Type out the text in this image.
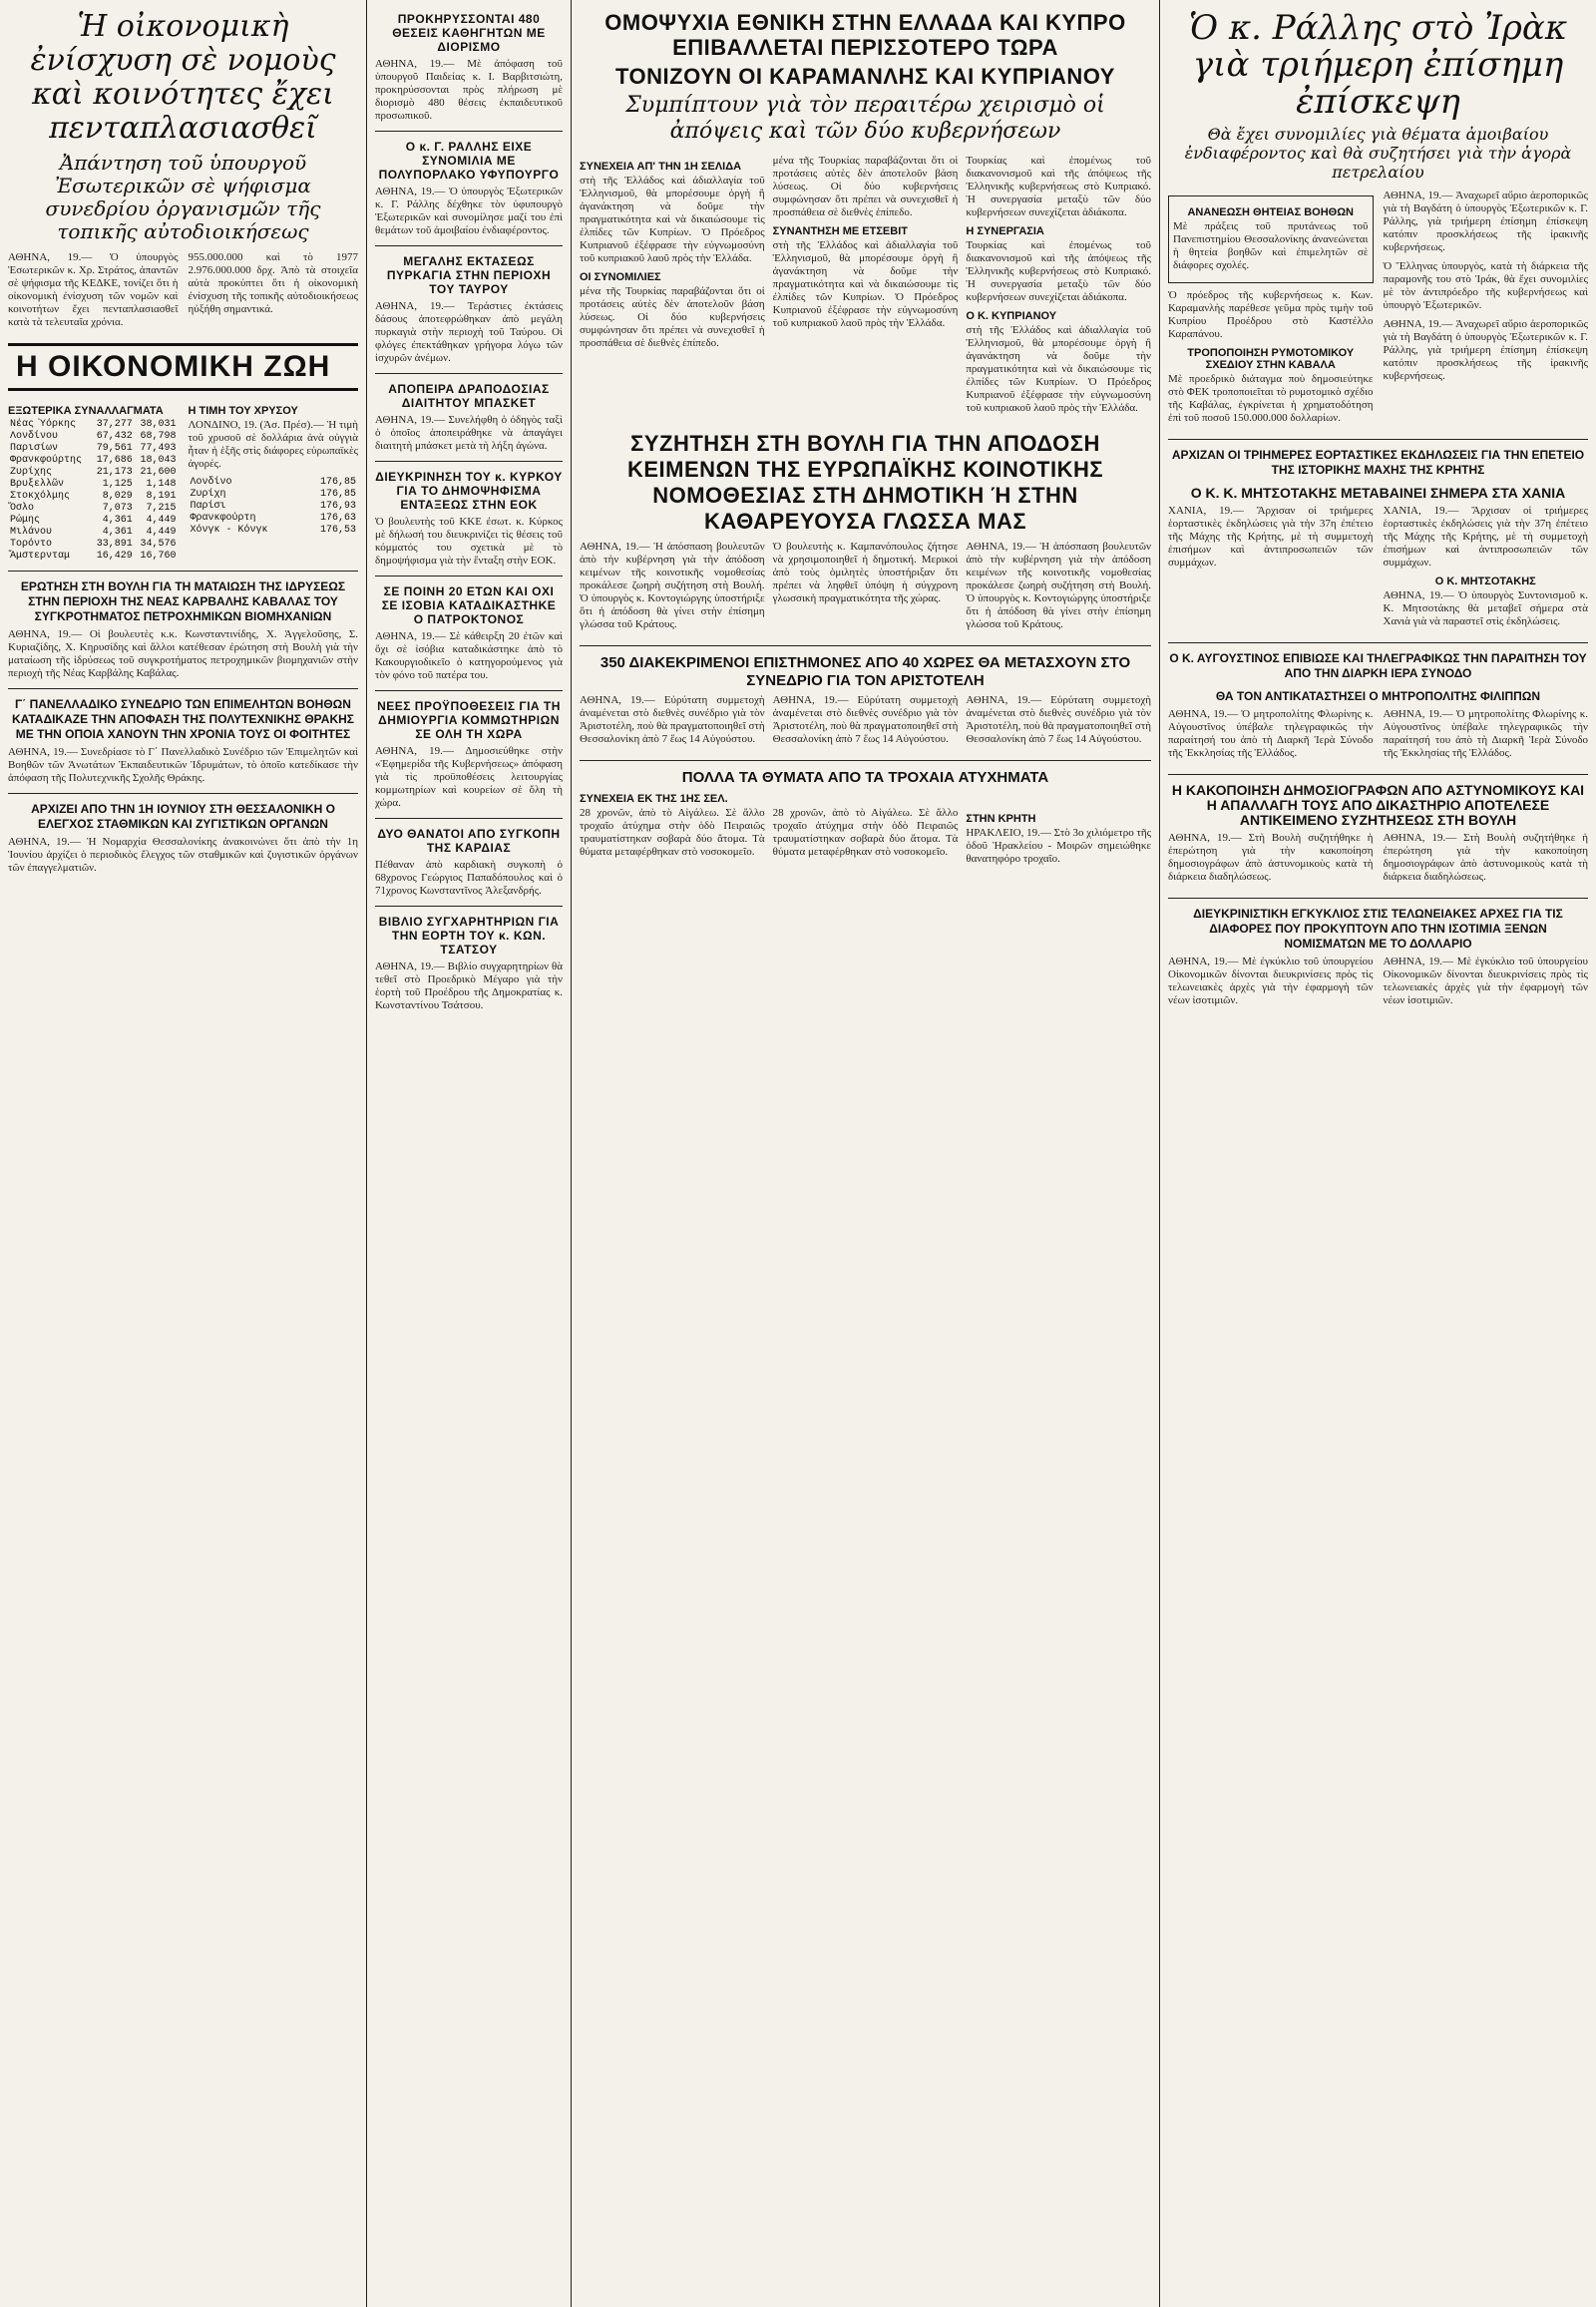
Ἡ οἰκονομικὴ ἐνίσχυση σὲ νομοὺς καὶ κοινότητες ἔχει πενταπλασιασθεῖ
Ἀπάντηση τοῦ ὑπουργοῦ Ἐσωτερικῶν σὲ ψήφισμα συνεδρίου ὀργανισμῶν τῆς τοπικῆς αὐτοδιοικήσεως

ΑΘΗΝΑ, 19.— Ὁ ὑπουργὸς Ἐσωτερικῶν κ. Χρ. Στράτος, ἀπαντῶν σὲ ψήφισμα τῆς ΚΕΔΚΕ, τονίζει ὅτι ἡ οἰκονομικὴ ἐνίσχυση τῶν νομῶν καὶ κοινοτήτων ἔχει πενταπλασιασθεῖ κατὰ τὰ τελευταῖα χρόνια.

955.000.000 καὶ τὸ 1977 2.976.000.000 δρχ. Ἀπὸ τὰ στοιχεῖα αὐτὰ προκύπτει ὅτι ἡ οἰκονομικὴ ἐνίσχυση τῆς τοπικῆς αὐτοδιοικήσεως ηὐξήθη σημαντικά.

Η ΟΙΚΟΝΟΜΙΚΗ ΖΩΗ
ΕΞΩΤΕΡΙΚΑ ΣΥΝΑΛΛΑΓΜΑΤΑ
Νέας Ὑόρκης	37,277	38,031
Λονδίνου	67,432	68,798
Παρισίων	79,561	77,493
Φρανκφούρτης	17,686	18,043
Ζυρίχης	21,173	21,600
Βρυξελλῶν	1,125	1,148
Στοκχόλμης	8,029	8,191
Ὄσλο	7,073	7,215
Ρώμης	4,361	4,449
Μιλάνου	4,361	4,449
Τορόντο	33,891	34,576
Ἄμστερνταμ	16,429	16,760
Η ΤΙΜΗ ΤΟΥ ΧΡΥΣΟΥ

ΛΟΝΔΙΝΟ, 19. (Ἀσ. Πρέσ).— Ἡ τιμὴ τοῦ χρυσοῦ σὲ δολλάρια ἀνὰ οὐγγιὰ ἦταν ἡ ἑξῆς στὶς διάφορες εὐρωπαϊκὲς ἀγορές.

Λονδίνο	176,85
Ζυρίχη	176,85
Παρίσι	176,93
Φρανκφούρτη	176,63
Χόνγκ - Κόνγκ	176,53
ΕΡΩΤΗΣΗ ΣΤΗ ΒΟΥΛΗ ΓΙΑ ΤΗ ΜΑΤΑΙΩΣΗ ΤΗΣ ΙΔΡΥΣΕΩΣ ΣΤΗΝ ΠΕΡΙΟΧΗ ΤΗΣ ΝΕΑΣ ΚΑΡΒΑΛΗΣ ΚΑΒΑΛΑΣ ΤΟΥ ΣΥΓΚΡΟΤΗΜΑΤΟΣ ΠΕΤΡΟΧΗΜΙΚΩΝ ΒΙΟΜΗΧΑΝΙΩΝ

ΑΘΗΝΑ, 19.— Οἱ βουλευτὲς κ.κ. Κωνσταντινίδης, Χ. Ἀγγελοῦσης, Σ. Κυριαζίδης, Χ. Κηρυσίδης καὶ ἄλλοι κατέθεσαν ἐρώτηση στὴ Βουλὴ γιὰ τὴν ματαίωση τῆς ἱδρύσεως τοῦ συγκροτήματος πετροχημικῶν βιομηχανιῶν στὴν περιοχὴ τῆς Νέας Καρβάλης Καβάλας.

Γ΄ ΠΑΝΕΛΛΑΔΙΚΟ ΣΥΝΕΔΡΙΟ ΤΩΝ ΕΠΙΜΕΛΗΤΩΝ ΒΟΗΘΩΝ ΚΑΤΑΔΙΚΑΖΕ ΤΗΝ ΑΠΟΦΑΣΗ ΤΗΣ ΠΟΛΥΤΕΧΝΙΚΗΣ ΘΡΑΚΗΣ ΜΕ ΤΗΝ ΟΠΟΙΑ ΧΑΝΟΥΝ ΤΗΝ ΧΡΟΝΙΑ ΤΟΥΣ ΟΙ ΦΟΙΤΗΤΕΣ

ΑΘΗΝΑ, 19.— Συνεδρίασε τὸ Γ΄ Πανελλαδικὸ Συνέδριο τῶν Ἐπιμελητῶν καὶ Βοηθῶν τῶν Ἀνωτάτων Ἐκπαιδευτικῶν Ἱδρυμάτων, τὸ ὁποῖο κατεδίκασε τὴν ἀπόφαση τῆς Πολυτεχνικῆς Σχολῆς Θράκης.

ΑΡΧΙΖΕΙ ΑΠΟ ΤΗΝ 1Η ΙΟΥΝΙΟΥ ΣΤΗ ΘΕΣΣΑΛΟΝΙΚΗ Ο ΕΛΕΓΧΟΣ ΣΤΑΘΜΙΚΩΝ ΚΑΙ ΖΥΓΙΣΤΙΚΩΝ ΟΡΓΑΝΩΝ

ΑΘΗΝΑ, 19.— Ἡ Νομαρχία Θεσσαλονίκης ἀνακοινώνει ὅτι ἀπὸ τὴν 1η Ἰουνίου ἀρχίζει ὁ περιοδικὸς ἔλεγχος τῶν σταθμικῶν καὶ ζυγιστικῶν ὀργάνων τῶν ἐπαγγελματιῶν.

ΠΡΟΚΗΡΥΣΣΟΝΤΑΙ 480 ΘΕΣΕΙΣ ΚΑΘΗΓΗΤΩΝ ΜΕ ΔΙΟΡΙΣΜΟ

ΑΘΗΝΑ, 19.— Μὲ ἀπόφαση τοῦ ὑπουργοῦ Παιδείας κ. Ι. Βαρβιτσιώτη, προκηρύσσονται πρὸς πλήρωση μὲ διορισμὸ 480 θέσεις ἐκπαιδευτικοῦ προσωπικοῦ.

Ο κ. Γ. ΡΑΛΛΗΣ ΕΙΧΕ ΣΥΝΟΜΙΛΙΑ ΜΕ ΠΟΛΥΠΟΡΛΑΚΟ ΥΦΥΠΟΥΡΓΟ

ΑΘΗΝΑ, 19.— Ὁ ὑπουργὸς Ἐξωτερικῶν κ. Γ. Ράλλης δέχθηκε τὸν ὑφυπουργὸ Ἐξωτερικῶν καὶ συνομίλησε μαζί του ἐπὶ θεμάτων τοῦ ἀμοιβαίου ἐνδιαφέροντος.

ΜΕΓΑΛΗΣ ΕΚΤΑΣΕΩΣ ΠΥΡΚΑΓΙΑ ΣΤΗΝ ΠΕΡΙΟΧΗ ΤΟΥ ΤΑΥΡΟΥ

ΑΘΗΝΑ, 19.— Τεράστιες ἐκτάσεις δάσους ἀποτεφρώθηκαν ἀπὸ μεγάλη πυρκαγιὰ στὴν περιοχὴ τοῦ Ταύρου. Οἱ φλόγες ἐπεκτάθηκαν γρήγορα λόγω τῶν ἰσχυρῶν ἀνέμων.

ΑΠΟΠΕΙΡΑ ΔΡΑΠΟΔΟΣΙΑΣ ΔΙΑΙΤΗΤΟΥ ΜΠΑΣΚΕΤ

ΑΘΗΝΑ, 19.— Συνελήφθη ὁ ὀδηγὸς ταξὶ ὁ ὁποῖος ἀποπειράθηκε νὰ ἀπαγάγει διαιτητὴ μπάσκετ μετὰ τὴ λήξη ἀγώνα.

ΔΙΕΥΚΡΙΝΗΣΗ ΤΟΥ κ. ΚΥΡΚΟΥ ΓΙΑ ΤΟ ΔΗΜΟΨΗΦΙΣΜΑ ΕΝΤΑΞΕΩΣ ΣΤΗΝ ΕΟΚ

Ὁ βουλευτὴς τοῦ ΚΚΕ ἐσωτ. κ. Κύρκος μὲ δήλωσή του διευκρινίζει τὶς θέσεις τοῦ κόμματός του σχετικὰ μὲ τὸ δημοψήφισμα γιὰ τὴν ἔνταξη στὴν ΕΟΚ.

ΣΕ ΠΟΙΝΗ 20 ΕΤΩΝ ΚΑΙ ΟΧΙ ΣΕ ΙΣΟΒΙΑ ΚΑΤΑΔΙΚΑΣΤΗΚΕ Ο ΠΑΤΡΟΚΤΟΝΟΣ

ΑΘΗΝΑ, 19.— Σὲ κάθειρξη 20 ἐτῶν καὶ ὄχι σὲ ἰσόβια καταδικάστηκε ἀπὸ τὸ Κακουργιοδικεῖο ὁ κατηγορούμενος γιὰ τὸν φόνο τοῦ πατέρα του.

ΝΕΕΣ ΠΡΟΫΠΟΘΕΣΕΙΣ ΓΙΑ ΤΗ ΔΗΜΙΟΥΡΓΙΑ ΚΟΜΜΩΤΗΡΙΩΝ ΣΕ ΟΛΗ ΤΗ ΧΩΡΑ

ΑΘΗΝΑ, 19.— Δημοσιεύθηκε στὴν «Ἐφημερίδα τῆς Κυβερνήσεως» ἀπόφαση γιὰ τὶς προϋποθέσεις λειτουργίας κομμωτηρίων καὶ κουρείων σὲ ὅλη τὴ χώρα.

ΔΥΟ ΘΑΝΑΤΟΙ ΑΠΟ ΣΥΓΚΟΠΗ ΤΗΣ ΚΑΡΔΙΑΣ

Πέθαναν ἀπὸ καρδιακὴ συγκοπὴ ὁ 68χρονος Γεώργιος Παπαδόπουλος καὶ ὁ 71χρονος Κωνσταντῖνος Ἀλεξανδρής.

ΒΙΒΛΙΟ ΣΥΓΧΑΡΗΤΗΡΙΩΝ ΓΙΑ ΤΗΝ ΕΟΡΤΗ ΤΟΥ κ. ΚΩΝ. ΤΣΑΤΣΟΥ

ΑΘΗΝΑ, 19.— Βιβλίο συγχαρητηρίων θὰ τεθεῖ στὸ Προεδρικὸ Μέγαρο γιὰ τὴν ἑορτὴ τοῦ Προέδρου τῆς Δημοκρατίας κ. Κωνσταντίνου Τσάτσου.

ΟΜΟΨΥΧΙΑ ΕΘΝΙΚΗ ΣΤΗΝ ΕΛΛΑΔΑ ΚΑΙ ΚΥΠΡΟ ΕΠΙΒΑΛΛΕΤΑΙ ΠΕΡΙΣΣΟΤΕΡΟ ΤΩΡΑ
ΤΟΝΙΖΟΥΝ ΟΙ ΚΑΡΑΜΑΝΛΗΣ ΚΑΙ ΚΥΠΡΙΑΝΟΥ
Συμπίπτουν γιὰ τὸν περαιτέρω χειρισμὸ οἱ ἀπόψεις καὶ τῶν δύο κυβερνήσεων
ΣΥΝΕΧΕΙΑ ΑΠ' ΤΗΝ 1Η ΣΕΛΙΔΑ

στὴ τῆς Ἑλλάδος καὶ ἀδιαλλαγία τοῦ Ἑλληνισμοῦ, θὰ μπορέσουμε ὀργὴ ἢ ἀγανάκτηση νὰ δοῦμε τὴν πραγματικότητα καὶ νὰ δικαιώσουμε τὶς ἐλπίδες τῶν Κυπρίων. Ὁ Πρόεδρος Κυπριανοῦ ἐξέφρασε τὴν εὐγνωμοσύνη τοῦ κυπριακοῦ λαοῦ πρὸς τὴν Ἑλλάδα.

ΟΙ ΣΥΝΟΜΙΛΙΕΣ

μένα τῆς Τουρκίας παραβάζονται ὅτι οἱ προτάσεις αὐτὲς δὲν ἀποτελοῦν βάση λύσεως. Οἱ δύο κυβερνήσεις συμφώνησαν ὅτι πρέπει νὰ συνεχισθεῖ ἡ προσπάθεια σὲ διεθνὲς ἐπίπεδο.

μένα τῆς Τουρκίας παραβάζονται ὅτι οἱ προτάσεις αὐτὲς δὲν ἀποτελοῦν βάση λύσεως. Οἱ δύο κυβερνήσεις συμφώνησαν ὅτι πρέπει νὰ συνεχισθεῖ ἡ προσπάθεια σὲ διεθνὲς ἐπίπεδο.

ΣΥΝΑΝΤΗΣΗ ΜΕ ΕΤΣΕΒΙΤ

στὴ τῆς Ἑλλάδος καὶ ἀδιαλλαγία τοῦ Ἑλληνισμοῦ, θὰ μπορέσουμε ὀργὴ ἢ ἀγανάκτηση νὰ δοῦμε τὴν πραγματικότητα καὶ νὰ δικαιώσουμε τὶς ἐλπίδες τῶν Κυπρίων. Ὁ Πρόεδρος Κυπριανοῦ ἐξέφρασε τὴν εὐγνωμοσύνη τοῦ κυπριακοῦ λαοῦ πρὸς τὴν Ἑλλάδα.

Τουρκίας καὶ ἐπομένως τοῦ διακανονισμοῦ καὶ τῆς ἀπόψεως τῆς Ἑλληνικῆς κυβερνήσεως στὸ Κυπριακό. Ἡ συνεργασία μεταξὺ τῶν δύο κυβερνήσεων συνεχίζεται ἀδιάκοπα.

Η ΣΥΝΕΡΓΑΣΙΑ

Τουρκίας καὶ ἐπομένως τοῦ διακανονισμοῦ καὶ τῆς ἀπόψεως τῆς Ἑλληνικῆς κυβερνήσεως στὸ Κυπριακό. Ἡ συνεργασία μεταξὺ τῶν δύο κυβερνήσεων συνεχίζεται ἀδιάκοπα.

Ο Κ. ΚΥΠΡΙΑΝΟΥ

στὴ τῆς Ἑλλάδος καὶ ἀδιαλλαγία τοῦ Ἑλληνισμοῦ, θὰ μπορέσουμε ὀργὴ ἢ ἀγανάκτηση νὰ δοῦμε τὴν πραγματικότητα καὶ νὰ δικαιώσουμε τὶς ἐλπίδες τῶν Κυπρίων. Ὁ Πρόεδρος Κυπριανοῦ ἐξέφρασε τὴν εὐγνωμοσύνη τοῦ κυπριακοῦ λαοῦ πρὸς τὴν Ἑλλάδα.

ΣΥΖΗΤΗΣΗ ΣΤΗ ΒΟΥΛΗ ΓΙΑ ΤΗΝ ΑΠΟΔΟΣΗ ΚΕΙΜΕΝΩΝ ΤΗΣ ΕΥΡΩΠΑΪΚΗΣ ΚΟΙΝΟΤΙΚΗΣ ΝΟΜΟΘΕΣΙΑΣ ΣΤΗ ΔΗΜΟΤΙΚΗ Ή ΣΤΗΝ ΚΑΘΑΡΕΥΟΥΣΑ ΓΛΩΣΣΑ ΜΑΣ

ΑΘΗΝΑ, 19.— Ἡ ἀπόσπαση βουλευτῶν ἀπὸ τὴν κυβέρνηση γιὰ τὴν ἀπόδοση κειμένων τῆς κοινοτικῆς νομοθεσίας προκάλεσε ζωηρὴ συζήτηση στὴ Βουλή. Ὁ ὑπουργὸς κ. Κοντογιώργης ὑποστήριξε ὅτι ἡ ἀπόδοση θὰ γίνει στὴν ἐπίσημη γλώσσα τοῦ Κράτους.

Ὁ βουλευτὴς κ. Καμπανόπουλος ζήτησε νὰ χρησιμοποιηθεῖ ἡ δημοτική. Μερικοὶ ἀπὸ τοὺς ὁμιλητὲς ὑποστήριξαν ὅτι πρέπει νὰ ληφθεῖ ὑπόψη ἡ σύγχρονη γλωσσικὴ πραγματικότητα τῆς χώρας.

ΑΘΗΝΑ, 19.— Ἡ ἀπόσπαση βουλευτῶν ἀπὸ τὴν κυβέρνηση γιὰ τὴν ἀπόδοση κειμένων τῆς κοινοτικῆς νομοθεσίας προκάλεσε ζωηρὴ συζήτηση στὴ Βουλή. Ὁ ὑπουργὸς κ. Κοντογιώργης ὑποστήριξε ὅτι ἡ ἀπόδοση θὰ γίνει στὴν ἐπίσημη γλώσσα τοῦ Κράτους.

350 ΔΙΑΚΕΚΡΙΜΕΝΟΙ ΕΠΙΣΤΗΜΟΝΕΣ ΑΠΟ 40 ΧΩΡΕΣ ΘΑ ΜΕΤΑΣΧΟΥΝ ΣΤΟ ΣΥΝΕΔΡΙΟ ΓΙΑ ΤΟΝ ΑΡΙΣΤΟΤΕΛΗ

ΑΘΗΝΑ, 19.— Εὐρύτατη συμμετοχὴ ἀναμένεται στὸ διεθνὲς συνέδριο γιὰ τὸν Ἀριστοτέλη, ποὺ θὰ πραγματοποιηθεῖ στὴ Θεσσαλονίκη ἀπὸ 7 ἕως 14 Αὐγούστου.

ΑΘΗΝΑ, 19.— Εὐρύτατη συμμετοχὴ ἀναμένεται στὸ διεθνὲς συνέδριο γιὰ τὸν Ἀριστοτέλη, ποὺ θὰ πραγματοποιηθεῖ στὴ Θεσσαλονίκη ἀπὸ 7 ἕως 14 Αὐγούστου.

ΑΘΗΝΑ, 19.— Εὐρύτατη συμμετοχὴ ἀναμένεται στὸ διεθνὲς συνέδριο γιὰ τὸν Ἀριστοτέλη, ποὺ θὰ πραγματοποιηθεῖ στὴ Θεσσαλονίκη ἀπὸ 7 ἕως 14 Αὐγούστου.

ΠΟΛΛΑ ΤΑ ΘΥΜΑΤΑ ΑΠΟ ΤΑ ΤΡΟΧΑΙΑ ΑΤΥΧΗΜΑΤΑ
ΣΥΝΕΧΕΙΑ ΕΚ ΤΗΣ 1ΗΣ ΣΕΛ.

28 χρονῶν, ἀπὸ τὸ Αἰγάλεω. Σὲ ἄλλο τροχαῖο ἀτύχημα στὴν ὁδὸ Πειραιῶς τραυματίστηκαν σοβαρὰ δύο ἄτομα. Τὰ θύματα μεταφέρθηκαν στὸ νοσοκομεῖο.

28 χρονῶν, ἀπὸ τὸ Αἰγάλεω. Σὲ ἄλλο τροχαῖο ἀτύχημα στὴν ὁδὸ Πειραιῶς τραυματίστηκαν σοβαρὰ δύο ἄτομα. Τὰ θύματα μεταφέρθηκαν στὸ νοσοκομεῖο.

ΣΤΗΝ ΚΡΗΤΗ

ΗΡΑΚΛΕΙΟ, 19.— Στὸ 3ο χιλιόμετρο τῆς ὁδοῦ Ἡρακλείου - Μοιρῶν σημειώθηκε θανατηφόρο τροχαῖο.

Ὁ κ. Ράλλης στὸ Ἰρὰκ γιὰ τριήμερη ἐπίσημη ἐπίσκεψη
Θὰ ἔχει συνομιλίες γιὰ θέματα ἀμοιβαίου ἐνδιαφέροντος καὶ θὰ συζητήσει γιὰ τὴν ἀγορὰ πετρελαίου
ΑΝΑΝΕΩΣΗ ΘΗΤΕΙΑΣ ΒΟΗΘΩΝ

Μὲ πράξεις τοῦ πρυτάνεως τοῦ Πανεπιστημίου Θεσσαλονίκης ἀνανεώνεται ἡ θητεία βοηθῶν καὶ ἐπιμελητῶν σὲ διάφορες σχολές.

Ὁ πρόεδρος τῆς κυβερνήσεως κ. Κων. Καραμανλὴς παρέθεσε γεῦμα πρὸς τιμὴν τοῦ Κυπρίου Προέδρου στὸ Καστέλλο Καραπάνου.

ΤΡΟΠΟΠΟΙΗΣΗ ΡΥΜΟΤΟΜΙΚΟΥ ΣΧΕΔΙΟΥ ΣΤΗΝ ΚΑΒΑΛΑ

Μὲ προεδρικὸ διάταγμα ποὺ δημοσιεύτηκε στὸ ΦΕΚ τροποποιεῖται τὸ ρυμοτομικὸ σχέδιο τῆς Καβάλας, ἐγκρίνεται ἡ χρηματοδότηση ἐπὶ τοῦ ποσοῦ 150.000.000 δολλαρίων.

ΑΘΗΝΑ, 19.— Ἀναχωρεῖ αὔριο ἀεροπορικῶς γιὰ τὴ Βαγδάτη ὁ ὑπουργὸς Ἐξωτερικῶν κ. Γ. Ράλλης, γιὰ τριήμερη ἐπίσημη ἐπίσκεψη κατόπιν προσκλήσεως τῆς ἰρακινῆς κυβερνήσεως.

Ὁ Ἕλληνας ὑπουργὸς, κατὰ τὴ διάρκεια τῆς παραμονῆς του στὸ Ἰράκ, θὰ ἔχει συνομιλίες μὲ τὸν ἀντιπρόεδρο τῆς κυβερνήσεως καὶ ὑπουργὸ Ἐξωτερικῶν.

ΑΘΗΝΑ, 19.— Ἀναχωρεῖ αὔριο ἀεροπορικῶς γιὰ τὴ Βαγδάτη ὁ ὑπουργὸς Ἐξωτερικῶν κ. Γ. Ράλλης, γιὰ τριήμερη ἐπίσημη ἐπίσκεψη κατόπιν προσκλήσεως τῆς ἰρακινῆς κυβερνήσεως.

ΑΡΧΙΖΑΝ ΟΙ ΤΡΙΗΜΕΡΕΣ ΕΟΡΤΑΣΤΙΚΕΣ ΕΚΔΗΛΩΣΕΙΣ ΓΙΑ ΤΗΝ ΕΠΕΤΕΙΟ ΤΗΣ ΙΣΤΟΡΙΚΗΣ ΜΑΧΗΣ ΤΗΣ ΚΡΗΤΗΣ
Ο Κ. Κ. ΜΗΤΣΟΤΑΚΗΣ ΜΕΤΑΒΑΙΝΕΙ ΣΗΜΕΡΑ ΣΤΑ ΧΑΝΙΑ

ΧΑΝΙΑ, 19.— Ἄρχισαν οἱ τριήμερες ἑορταστικὲς ἐκδηλώσεις γιὰ τὴν 37η ἐπέτειο τῆς Μάχης τῆς Κρήτης, μὲ τὴ συμμετοχὴ ἐπισήμων καὶ ἀντιπροσωπειῶν τῶν συμμάχων.

ΧΑΝΙΑ, 19.— Ἄρχισαν οἱ τριήμερες ἑορταστικὲς ἐκδηλώσεις γιὰ τὴν 37η ἐπέτειο τῆς Μάχης τῆς Κρήτης, μὲ τὴ συμμετοχὴ ἐπισήμων καὶ ἀντιπροσωπειῶν τῶν συμμάχων.

Ο Κ. ΜΗΤΣΟΤΑΚΗΣ

ΑΘΗΝΑ, 19.— Ὁ ὑπουργὸς Συντονισμοῦ κ. Κ. Μητσοτάκης θὰ μεταβεῖ σήμερα στὰ Χανιὰ γιὰ νὰ παραστεῖ στὶς ἐκδηλώσεις.

Ο Κ. ΑΥΓΟΥΣΤΙΝΟΣ ΕΠΙΒΙΩΣΕ ΚΑΙ ΤΗΛΕΓΡΑΦΙΚΩΣ ΤΗΝ ΠΑΡΑΙΤΗΣΗ ΤΟΥ ΑΠΟ ΤΗΝ ΔΙΑΡΚΗ ΙΕΡΑ ΣΥΝΟΔΟ
ΘΑ ΤΟΝ ΑΝΤΙΚΑΤΑΣΤΗΣΕΙ Ο ΜΗΤΡΟΠΟΛΙΤΗΣ ΦΙΛΙΠΠΩΝ

ΑΘΗΝΑ, 19.— Ὁ μητροπολίτης Φλωρίνης κ. Αὐγουστῖνος ὑπέβαλε τηλεγραφικῶς τὴν παραίτησή του ἀπὸ τὴ Διαρκῆ Ἱερὰ Σύνοδο τῆς Ἐκκλησίας τῆς Ἑλλάδος.

ΑΘΗΝΑ, 19.— Ὁ μητροπολίτης Φλωρίνης κ. Αὐγουστῖνος ὑπέβαλε τηλεγραφικῶς τὴν παραίτησή του ἀπὸ τὴ Διαρκῆ Ἱερὰ Σύνοδο τῆς Ἐκκλησίας τῆς Ἑλλάδος.

Η ΚΑΚΟΠΟΙΗΣΗ ΔΗΜΟΣΙΟΓΡΑΦΩΝ ΑΠΟ ΑΣΤΥΝΟΜΙΚΟΥΣ ΚΑΙ Η ΑΠΑΛΛΑΓΗ ΤΟΥΣ ΑΠΟ ΔΙΚΑΣΤΗΡΙΟ ΑΠΟΤΕΛΕΣΕ ΑΝΤΙΚΕΙΜΕΝΟ ΣΥΖΗΤΗΣΕΩΣ ΣΤΗ ΒΟΥΛΗ

ΑΘΗΝΑ, 19.— Στὴ Βουλὴ συζητήθηκε ἡ ἐπερώτηση γιὰ τὴν κακοποίηση δημοσιογράφων ἀπὸ ἀστυνομικοὺς κατὰ τὴ διάρκεια διαδηλώσεως.

ΑΘΗΝΑ, 19.— Στὴ Βουλὴ συζητήθηκε ἡ ἐπερώτηση γιὰ τὴν κακοποίηση δημοσιογράφων ἀπὸ ἀστυνομικοὺς κατὰ τὴ διάρκεια διαδηλώσεως.

ΔΙΕΥΚΡΙΝΙΣΤΙΚΗ ΕΓΚΥΚΛΙΟΣ ΣΤΙΣ ΤΕΛΩΝΕΙΑΚΕΣ ΑΡΧΕΣ ΓΙΑ ΤΙΣ ΔΙΑΦΟΡΕΣ ΠΟΥ ΠΡΟΚΥΠΤΟΥΝ ΑΠΟ ΤΗΝ ΙΣΟΤΙΜΙΑ ΞΕΝΩΝ ΝΟΜΙΣΜΑΤΩΝ ΜΕ ΤΟ ΔΟΛΛΑΡΙΟ

ΑΘΗΝΑ, 19.— Μὲ ἐγκύκλιο τοῦ ὑπουργείου Οἰκονομικῶν δίνονται διευκρινίσεις πρὸς τὶς τελωνειακὲς ἀρχὲς γιὰ τὴν ἐφαρμογὴ τῶν νέων ἰσοτιμιῶν.

ΑΘΗΝΑ, 19.— Μὲ ἐγκύκλιο τοῦ ὑπουργείου Οἰκονομικῶν δίνονται διευκρινίσεις πρὸς τὶς τελωνειακὲς ἀρχὲς γιὰ τὴν ἐφαρμογὴ τῶν νέων ἰσοτιμιῶν.
